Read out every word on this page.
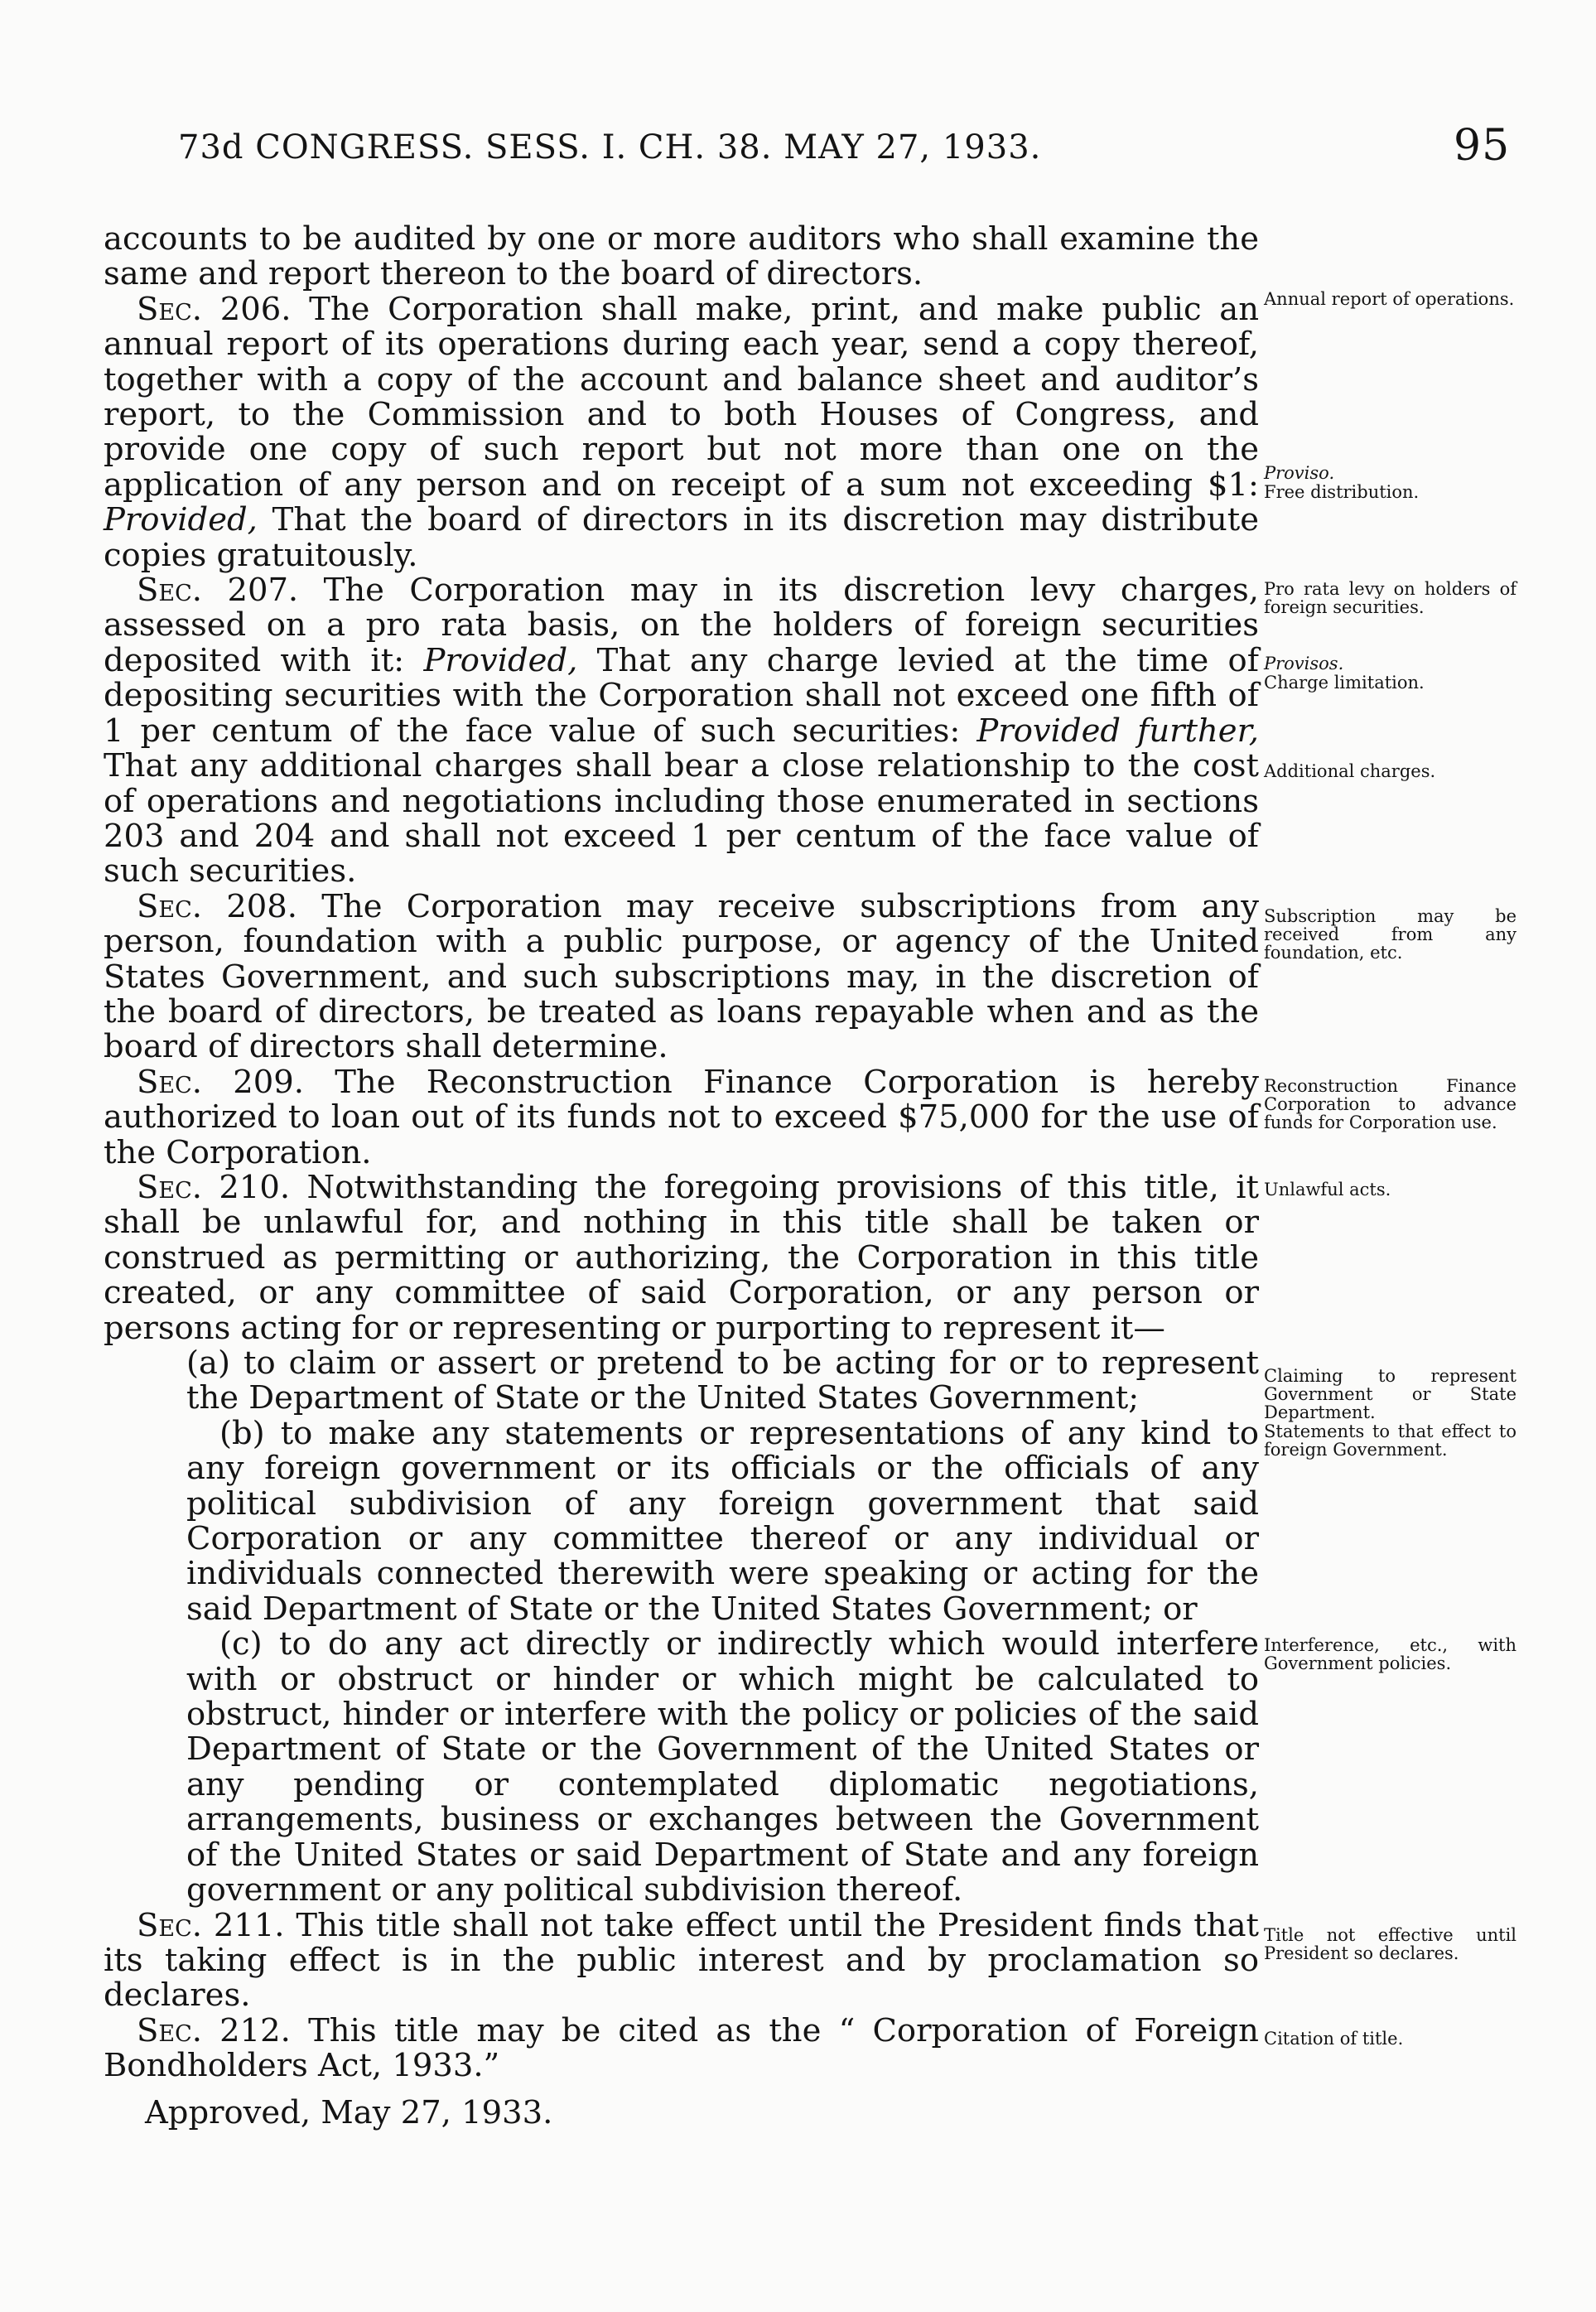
73d CONGRESS. SESS. I. CH. 38. MAY 27, 1933.	95

accounts to be audited by one or more auditors who shall examine the same and report thereon to the board of directors.

Sec. 206. The Corporation shall make, print, and make public an annual report of its operations during each year, send a copy thereof, together with a copy of the account and balance sheet and auditor’s report, to the Commission and to both Houses of Congress, and provide one copy of such report but not more than one on the application of any person and on receipt of a sum not exceeding $1: Provided, That the board of directors in its discretion may distribute copies gratuitously.

Sec. 207. The Corporation may in its discretion levy charges, assessed on a pro rata basis, on the holders of foreign securities deposited with it: Provided, That any charge levied at the time of depositing securities with the Corporation shall not exceed one fifth of 1 per centum of the face value of such securities: Provided further, That any additional charges shall bear a close relationship to the cost of operations and negotiations including those enumerated in sections 203 and 204 and shall not exceed 1 per centum of the face value of such securities.

Sec. 208. The Corporation may receive subscriptions from any person, foundation with a public purpose, or agency of the United States Government, and such subscriptions may, in the discretion of the board of directors, be treated as loans repayable when and as the board of directors shall determine.

Sec. 209. The Reconstruction Finance Corporation is hereby authorized to loan out of its funds not to exceed $75,000 for the use of the Corporation.

Sec. 210. Notwithstanding the foregoing provisions of this title, it shall be unlawful for, and nothing in this title shall be taken or construed as permitting or authorizing, the Corporation in this title created, or any committee of said Corporation, or any person or persons acting for or representing or purporting to represent it—

(a) to claim or assert or pretend to be acting for or to represent the Department of State or the United States Government;

(b) to make any statements or representations of any kind to any foreign government or its officials or the officials of any political subdivision of any foreign government that said Corporation or any committee thereof or any individual or individuals connected therewith were speaking or acting for the said Department of State or the United States Government; or

(c) to do any act directly or indirectly which would interfere with or obstruct or hinder or which might be calculated to obstruct, hinder or interfere with the policy or policies of the said Department of State or the Government of the United States or any pending or contemplated diplomatic negotiations, arrangements, business or exchanges between the Government of the United States or said Department of State and any foreign government or any political subdivision thereof.

Sec. 211. This title shall not take effect until the President finds that its taking effect is in the public interest and by proclamation so declares.

Sec. 212. This title may be cited as the “ Corporation of Foreign Bondholders Act, 1933.”

Approved, May 27, 1933.

Annual report of operations.
Proviso.
Free distribution.
Pro rata levy on holders of foreign securities.
Provisos.
Charge limitation.
Additional charges.
Subscription may be received from any foundation, etc.
Reconstruction Finance Corporation to advance funds for Corporation use.
Unlawful acts.
Claiming to represent Government or State Department.
Statements to that effect to foreign Government.
Interference, etc., with Government policies.
Title not effective until President so declares.
Citation of title.
